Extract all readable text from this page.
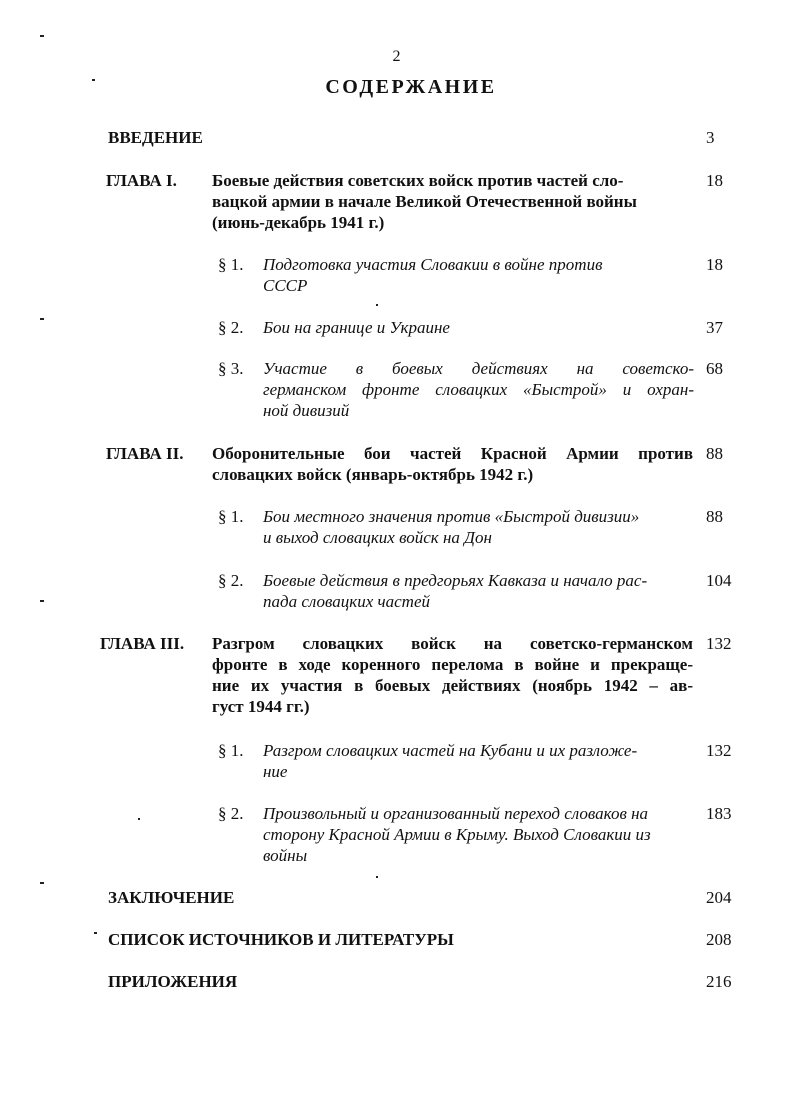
2
СОДЕРЖАНИЕ
ВВЕДЕНИЕ	3
ГЛАВА I. Боевые действия советских войск против частей сло-
вацкой армии в начале Великой Отечественной войны
(июнь-декабрь 1941 г.)
18
§ 1. Подготовка участия Словакии в войне против
СССР
18
§ 2. Бои на границе и Украине	37
§ 3. Участие в боевых действиях на советско-
германском фронте словацких «Быстрой» и охран-
ной дивизий
68
ГЛАВА II. Оборонительные бои частей Красной Армии против
словацких войск (январь-октябрь 1942 г.)
88
§ 1. Бои местного значения против «Быстрой дивизии»
и выход словацких войск на Дон
88
§ 2. Боевые действия в предгорьях Кавказа и начало рас-
пада словацких частей
104
ГЛАВА III. Разгром словацких войск на советско-германском
фронте в ходе коренного перелома в войне и прекраще-
ние их участия в боевых действиях (ноябрь 1942 – ав-
густ 1944 гг.)
132
§ 1. Разгром словацких частей на Кубани и их разложе-
ние
132
§ 2. Произвольный и организованный переход словаков на
сторону Красной Армии в Крыму. Выход Словакии из
войны
183
ЗАКЛЮЧЕНИЕ	204
СПИСОК ИСТОЧНИКОВ И ЛИТЕРАТУРЫ	208
ПРИЛОЖЕНИЯ	216
